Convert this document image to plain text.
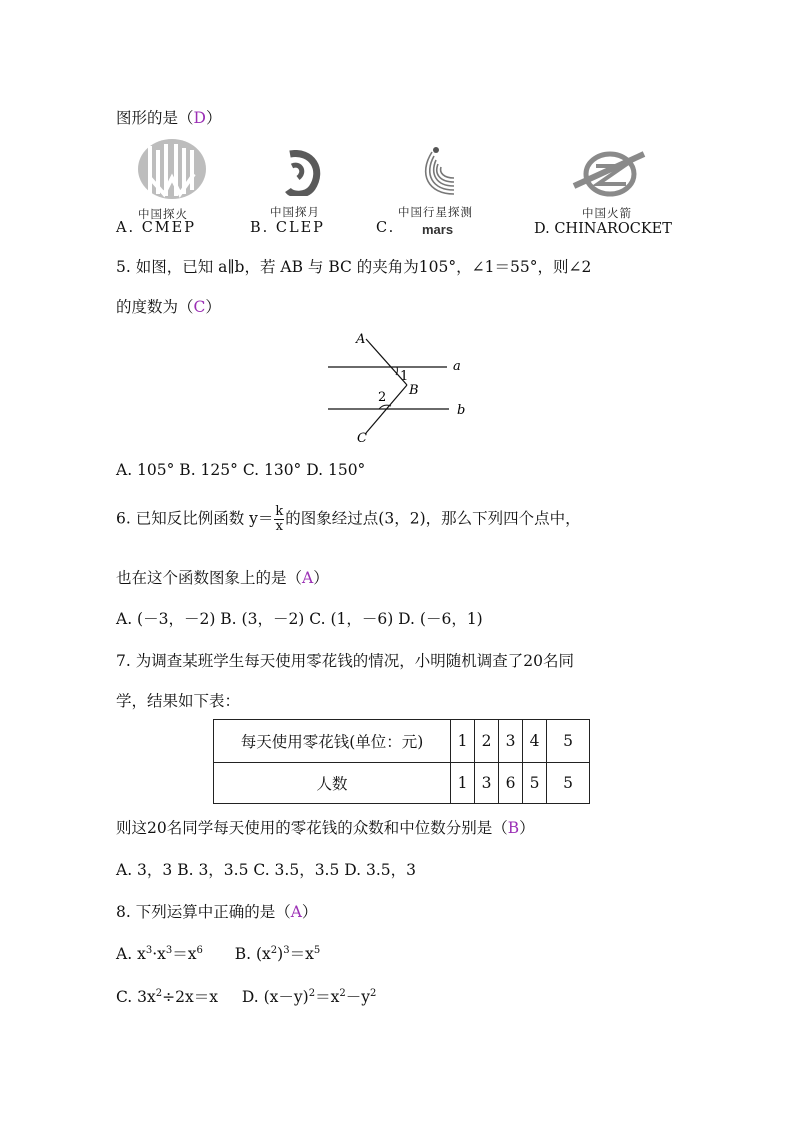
图形的是（D）
中国探火	中国探月	中国行星探测	中国火箭
A. CMEP	B. CLEP	C. mars	D. CHINAROCKET
5. 如图，已知 a∥b，若 AB 与 BC 的夹角为105°，∠1＝55°，则∠2
的度数为（C）
A
B
C
a
b
1
2
A. 105° B. 125° C. 130° D. 150°
6. 已知反比例函数 $y= \frac{k}{x}$ 的图象经过点(3，2)，那么下列四个点中，
也在这个函数图象上的是（A）
A. (－3，－2) B. (3，－2) C. (1，－6) D. (－6，1)
7. 为调查某班学生每天使用零花钱的情况，小明随机调查了20名同
学，结果如下表：
每天使用零花钱(单位：元)	1	2	3	4	5
人数	1	3	6	5	5
则这20名同学每天使用的零花钱的众数和中位数分别是（B）
A. 3，3 B. 3，3.5 C. 3.5，3.5 D. 3.5，3
8. 下列运算中正确的是（A）
A. $x^3\cdot x^3=x^6$ B. $(x^2)^3=x^5$
C. $3x^2\div 2x=x$ D. $(x-y)^2=x^2-y^2$
